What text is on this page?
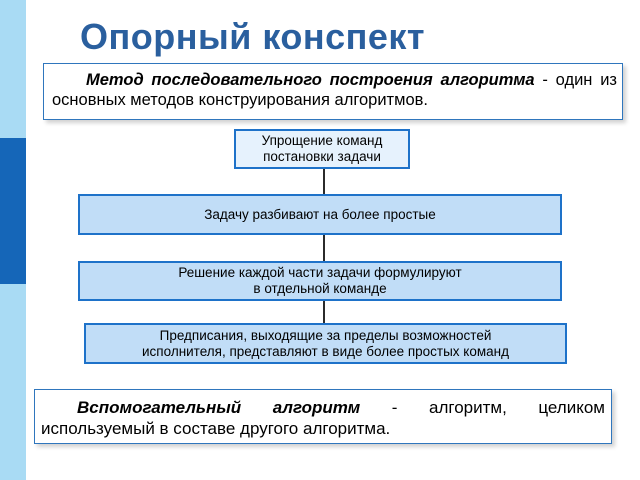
Опорный конспект
Метод последовательного построения алгоритма - один из основных методов конструирования алгоритмов.
Упрощение команд
постановки задачи
Задачу разбивают на более простые
Решение каждой части задачи формулируют
в отдельной команде
Предписания, выходящие за пределы возможностей
исполнителя, представляют в виде более простых команд
Вспомогательный алгоритм - алгоритм, целиком используемый в составе другого алгоритма.
